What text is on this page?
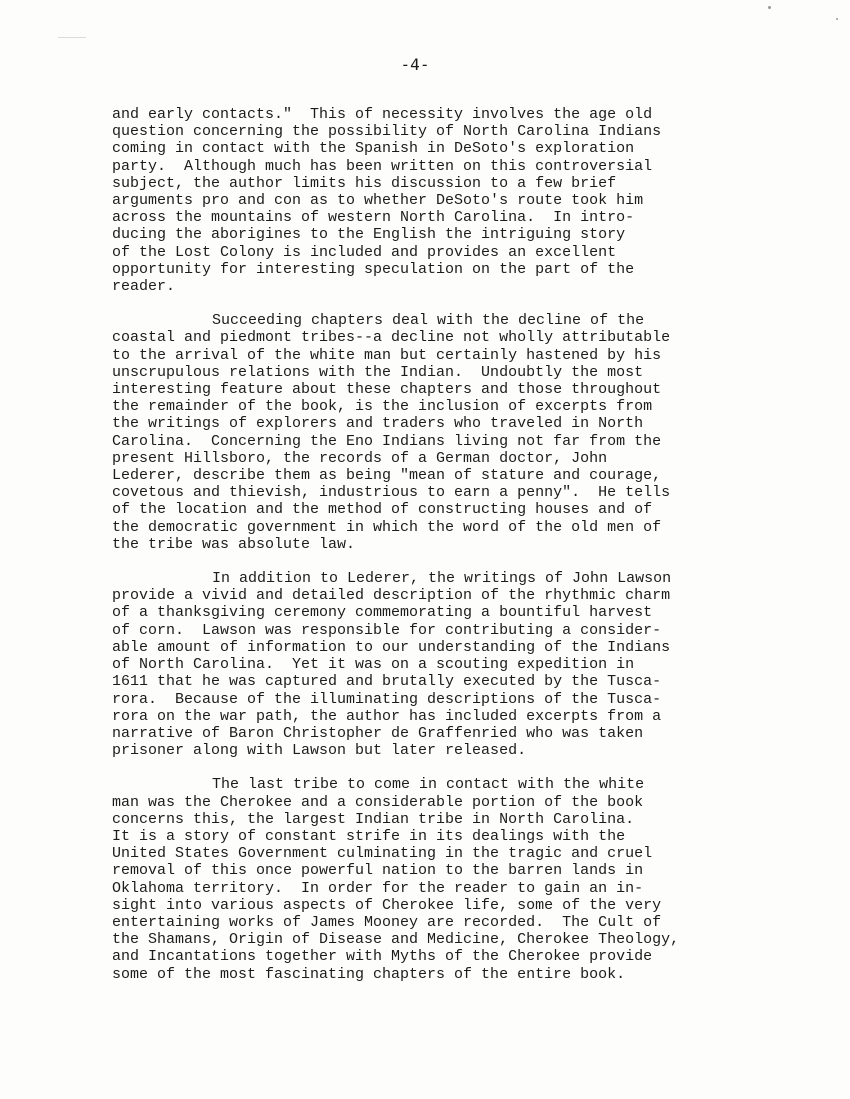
-4-

and early contacts."  This of necessity involves the age old
question concerning the possibility of North Carolina Indians
coming in contact with the Spanish in DeSoto's exploration
party.  Although much has been written on this controversial
subject, the author limits his discussion to a few brief
arguments pro and con as to whether DeSoto's route took him
across the mountains of western North Carolina.  In intro-
ducing the aborigines to the English the intriguing story
of the Lost Colony is included and provides an excellent
opportunity for interesting speculation on the part of the
reader.

Succeeding chapters deal with the decline of the
coastal and piedmont tribes--a decline not wholly attributable
to the arrival of the white man but certainly hastened by his
unscrupulous relations with the Indian.  Undoubtly the most
interesting feature about these chapters and those throughout
the remainder of the book, is the inclusion of excerpts from
the writings of explorers and traders who traveled in North
Carolina.  Concerning the Eno Indians living not far from the
present Hillsboro, the records of a German doctor, John
Lederer, describe them as being "mean of stature and courage,
covetous and thievish, industrious to earn a penny".  He tells
of the location and the method of constructing houses and of
the democratic government in which the word of the old men of
the tribe was absolute law.

In addition to Lederer, the writings of John Lawson
provide a vivid and detailed description of the rhythmic charm
of a thanksgiving ceremony commemorating a bountiful harvest
of corn.  Lawson was responsible for contributing a consider-
able amount of information to our understanding of the Indians
of North Carolina.  Yet it was on a scouting expedition in
1611 that he was captured and brutally executed by the Tusca-
rora.  Because of the illuminating descriptions of the Tusca-
rora on the war path, the author has included excerpts from a
narrative of Baron Christopher de Graffenried who was taken
prisoner along with Lawson but later released.

The last tribe to come in contact with the white
man was the Cherokee and a considerable portion of the book
concerns this, the largest Indian tribe in North Carolina.
It is a story of constant strife in its dealings with the
United States Government culminating in the tragic and cruel
removal of this once powerful nation to the barren lands in
Oklahoma territory.  In order for the reader to gain an in-
sight into various aspects of Cherokee life, some of the very
entertaining works of James Mooney are recorded.  The Cult of
the Shamans, Origin of Disease and Medicine, Cherokee Theology,
and Incantations together with Myths of the Cherokee provide
some of the most fascinating chapters of the entire book.
